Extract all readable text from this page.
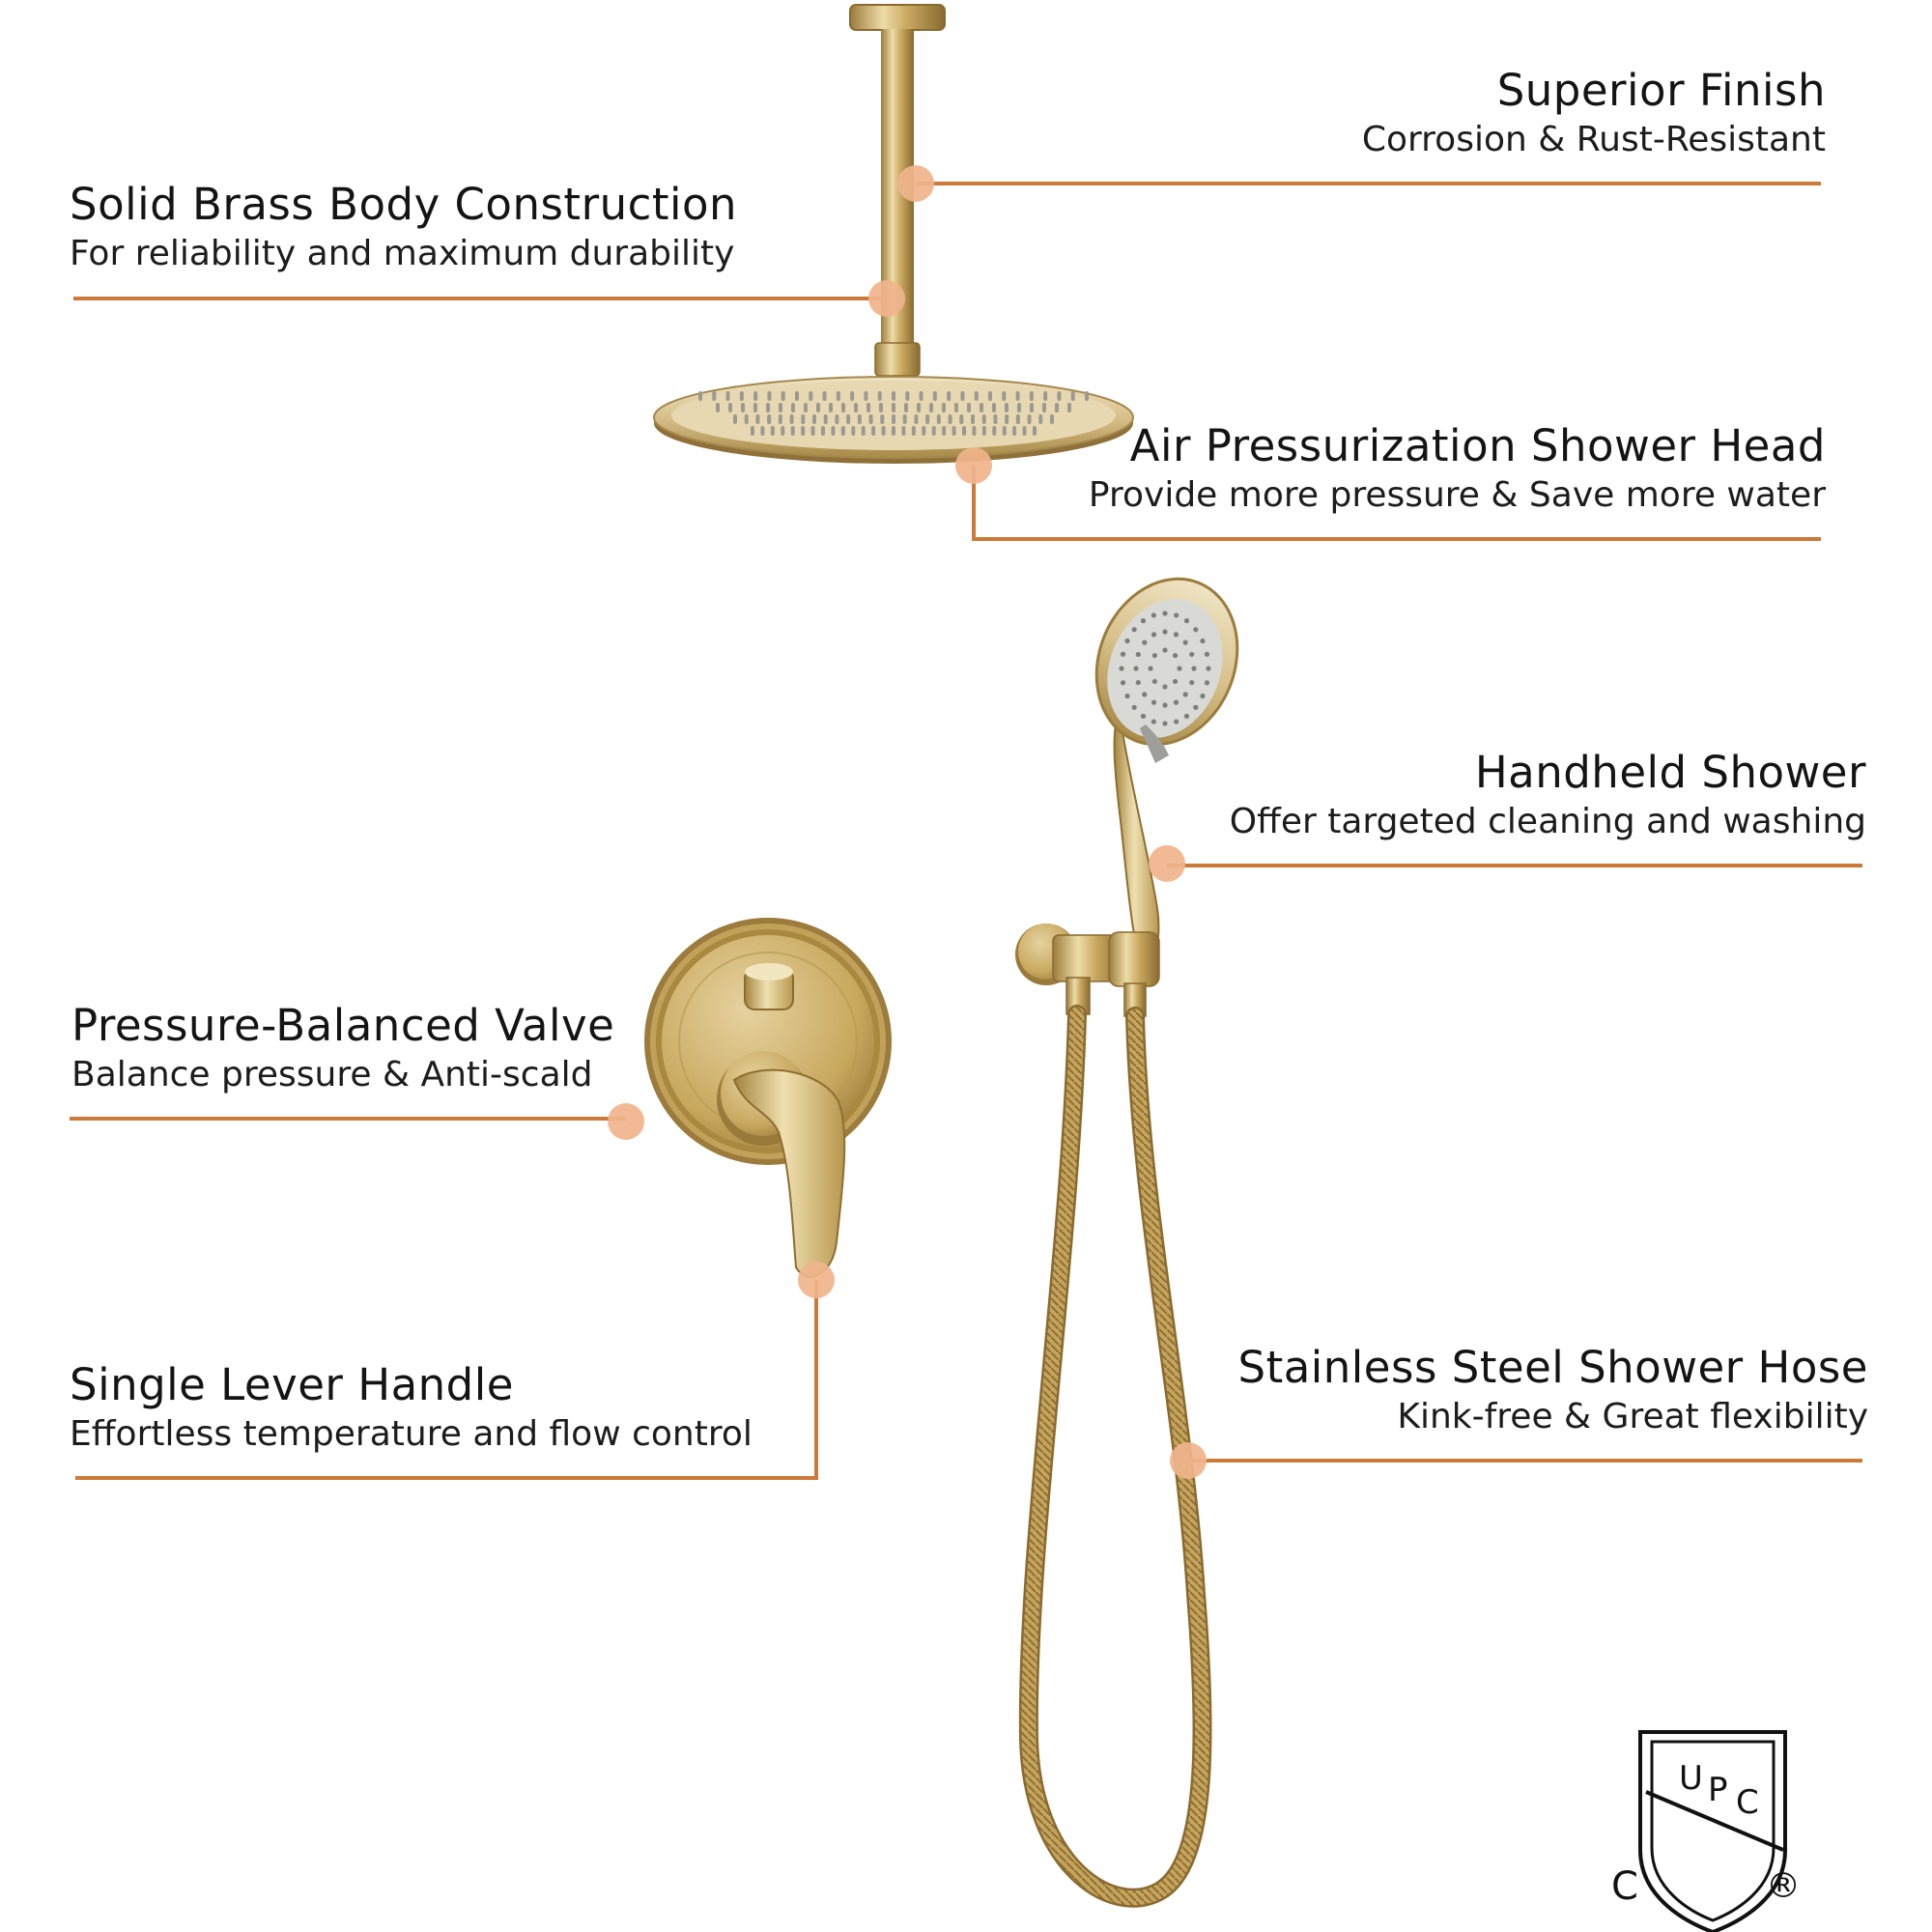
U P C
C	®
Superior Finish
Corrosion & Rust-Resistant
Solid Brass Body Construction
For reliability and maximum durability
Air Pressurization Shower Head
Provide more pressure & Save more water
Handheld Shower
Offer targeted cleaning and washing
Pressure-Balanced Valve
Balance pressure & Anti-scald
Single Lever Handle
Effortless temperature and flow control
Stainless Steel Shower Hose
Kink-free & Great flexibility
